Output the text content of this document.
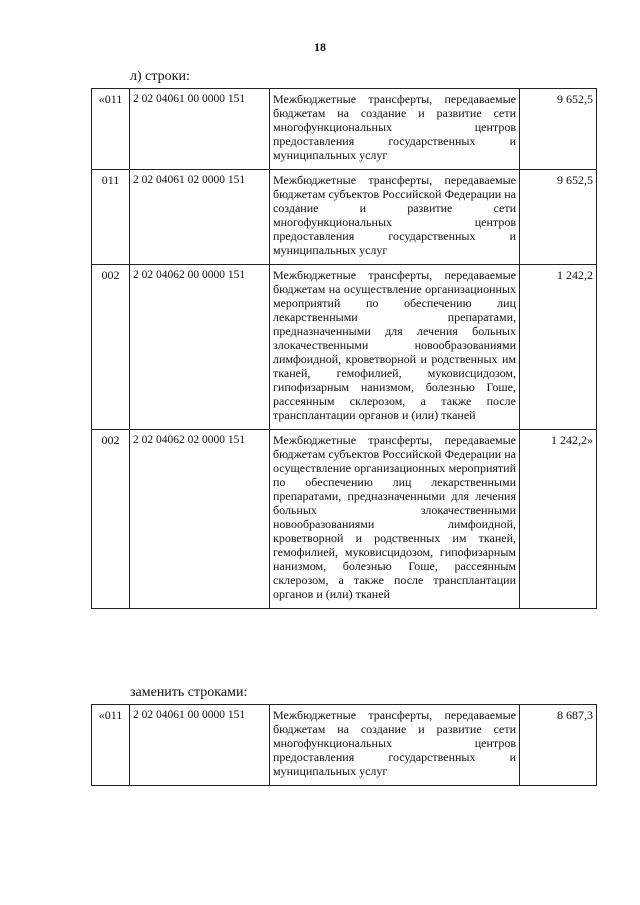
18
л) строки:
«011	2 02 04061 00 0000 151	Межбюджетные трансферты, передаваемые бюджетам на создание и развитие сети многофункциональных центров предоставления государственных и муниципальных услуг	9 652,5
011	2 02 04061 02 0000 151	Межбюджетные трансферты, передаваемые бюджетам субъектов Российской Федерации на создание и развитие сети многофункциональных центров предоставления государственных и муниципальных услуг	9 652,5
002	2 02 04062 00 0000 151	Межбюджетные трансферты, передаваемые бюджетам на осуществление организационных мероприятий по обеспечению лиц лекарственными препаратами, предназначенными для лечения больных злокачественными новообразованиями лимфоидной, кроветворной и родственных им тканей, гемофилией, муковисцидозом, гипофизарным нанизмом, болезнью Гоше, рассеянным склерозом, а также после трансплантации органов и (или) тканей	1 242,2
002	2 02 04062 02 0000 151	Межбюджетные трансферты, передаваемые бюджетам субъектов Российской Федерации на осуществление организационных мероприятий по обеспечению лиц лекарственными препаратами, предназначенными для лечения больных злокачественными новообразованиями лимфоидной, кроветворной и родственных им тканей, гемофилией, муковисцидозом, гипофизарным нанизмом, болезнью Гоше, рассеянным склерозом, а также после трансплантации органов и (или) тканей	1 242,2»
заменить строками:
«011	2 02 04061 00 0000 151	Межбюджетные трансферты, передаваемые бюджетам на создание и развитие сети многофункциональных центров предоставления государственных и муниципальных услуг	8 687,3
